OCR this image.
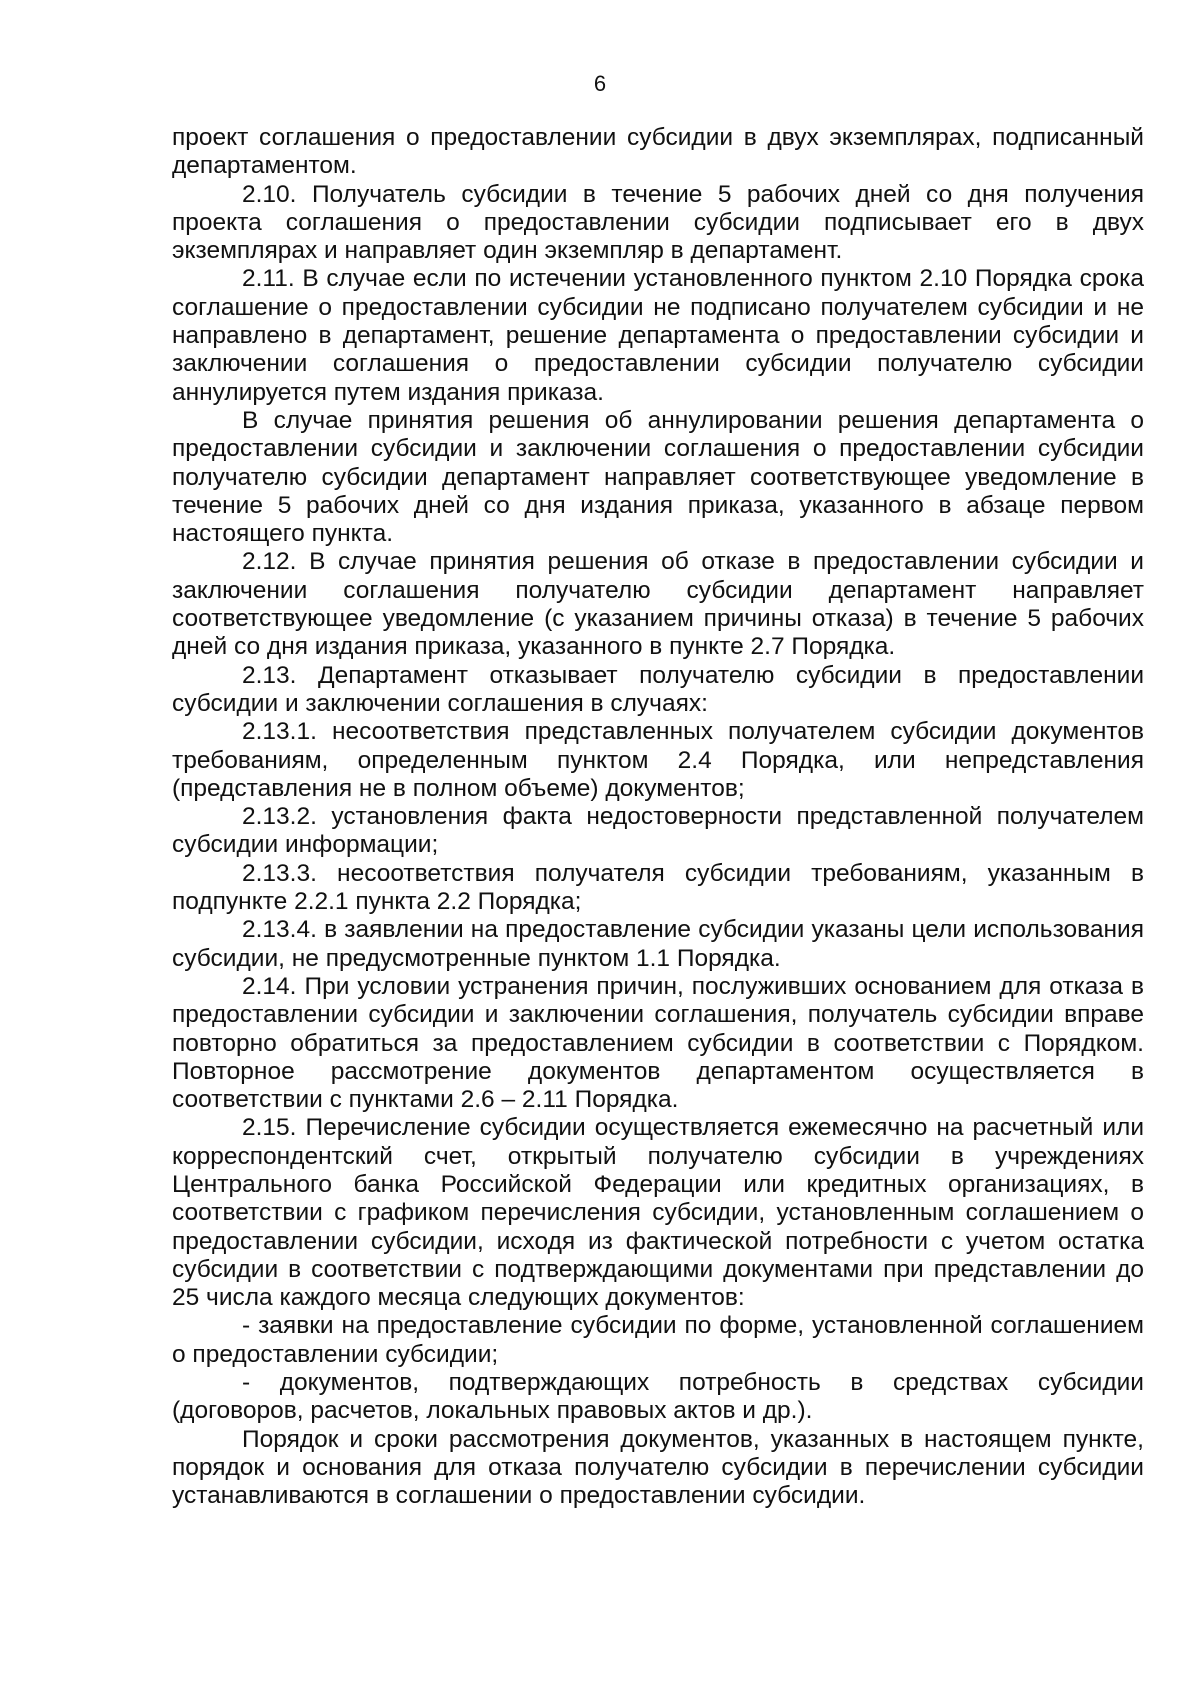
6

проект соглашения о предоставлении субсидии в двух экземплярах, подписанный департаментом.

2.10. Получатель субсидии в течение 5 рабочих дней со дня получения проекта соглашения о предоставлении субсидии подписывает его в двух экземплярах и направляет один экземпляр в департамент.

2.11. В случае если по истечении установленного пунктом 2.10 Порядка срока соглашение о предоставлении субсидии не подписано получателем субсидии и не направлено в департамент, решение департамента о предоставлении субсидии и заключении соглашения о предоставлении субсидии получателю субсидии аннулируется путем издания приказа.

В случае принятия решения об аннулировании решения департамента о предоставлении субсидии и заключении соглашения о предоставлении субсидии получателю субсидии департамент направляет соответствующее уведомление в течение 5 рабочих дней со дня издания приказа, указанного в абзаце первом настоящего пункта.

2.12. В случае принятия решения об отказе в предоставлении субсидии и заключении соглашения получателю субсидии департамент направляет соответствующее уведомление (с указанием причины отказа) в течение 5 рабочих дней со дня издания приказа, указанного в пункте 2.7 Порядка.

2.13. Департамент отказывает получателю субсидии в предоставлении субсидии и заключении соглашения в случаях:

2.13.1. несоответствия представленных получателем субсидии документов требованиям, определенным пунктом 2.4 Порядка, или непредставления (представления не в полном объеме) документов;

2.13.2. установления факта недостоверности представленной получателем субсидии информации;

2.13.3. несоответствия получателя субсидии требованиям, указанным в подпункте 2.2.1 пункта 2.2 Порядка;

2.13.4. в заявлении на предоставление субсидии указаны цели использования субсидии, не предусмотренные пунктом 1.1 Порядка.

2.14. При условии устранения причин, послуживших основанием для отказа в предоставлении субсидии и заключении соглашения, получатель субсидии вправе повторно обратиться за предоставлением субсидии в соответствии с Порядком. Повторное рассмотрение документов департаментом осуществляется в соответствии с пунктами 2.6 – 2.11 Порядка.

2.15. Перечисление субсидии осуществляется ежемесячно на расчетный или корреспондентский счет, открытый получателю субсидии в учреждениях Центрального банка Российской Федерации или кредитных организациях, в соответствии с графиком перечисления субсидии, установленным соглашением о предоставлении субсидии, исходя из фактической потребности с учетом остатка субсидии в соответствии с подтверждающими документами при представлении до 25 числа каждого месяца следующих документов:

- заявки на предоставление субсидии по форме, установленной соглашением о предоставлении субсидии;

- документов, подтверждающих потребность в средствах субсидии (договоров, расчетов, локальных правовых актов и др.).

Порядок и сроки рассмотрения документов, указанных в настоящем пункте, порядок и основания для отказа получателю субсидии в перечислении субсидии устанавливаются в соглашении о предоставлении субсидии.
